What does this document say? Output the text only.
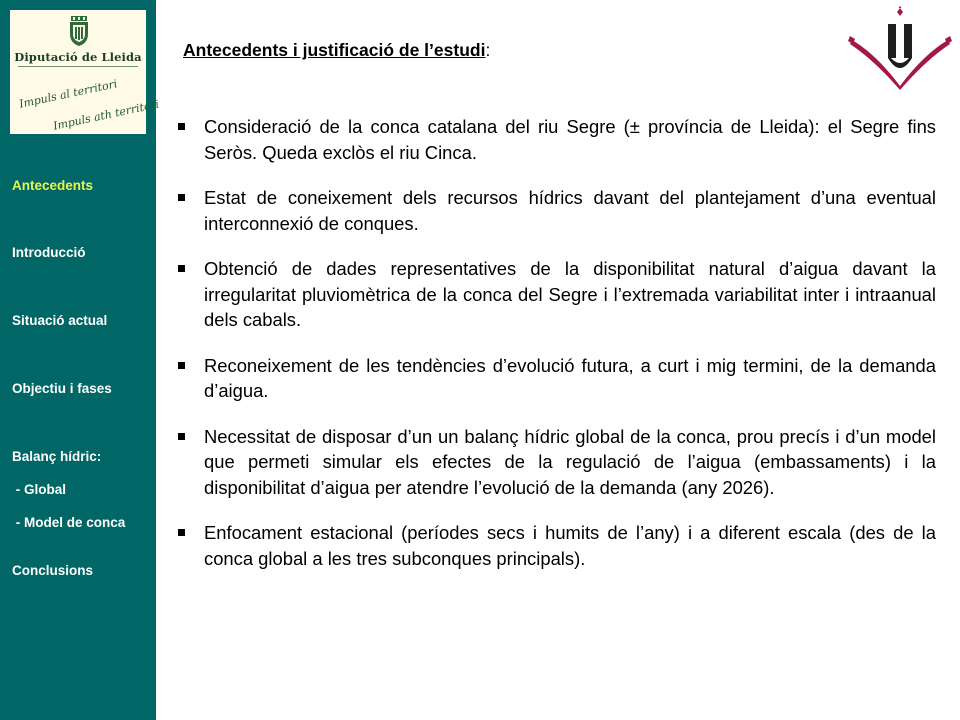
Diputació de Lleida
Impuls al territori
Impuls ath territori
Antecedents
Introducció
Situació actual
Objectiu i fases
Balanç hídric:
- Global
- Model de conca
Conclusions
Antecedents i justificació de l’estudi:
Consideració de la conca catalana del riu Segre (± província de Lleida): el Segre fins Seròs. Queda exclòs el riu Cinca.
Estat de coneixement dels recursos hídrics davant del plantejament d’una eventual interconnexió de conques.
Obtenció de dades representatives de la disponibilitat natural d’aigua davant la irregularitat pluviomètrica de la conca del Segre i l’extremada variabilitat inter i intraanual dels cabals.
Reconeixement de les tendències d’evolució futura, a curt i mig termini, de la demanda d’aigua.
Necessitat de disposar d’un un balanç hídric global de la conca, prou precís i d’un model que permeti simular els efectes de la regulació de l’aigua (embassaments) i la disponibilitat d’aigua per atendre l’evolució de la demanda (any 2026).
Enfocament estacional (períodes secs i humits de l’any) i a diferent escala (des de la conca global a les tres subconques principals).
